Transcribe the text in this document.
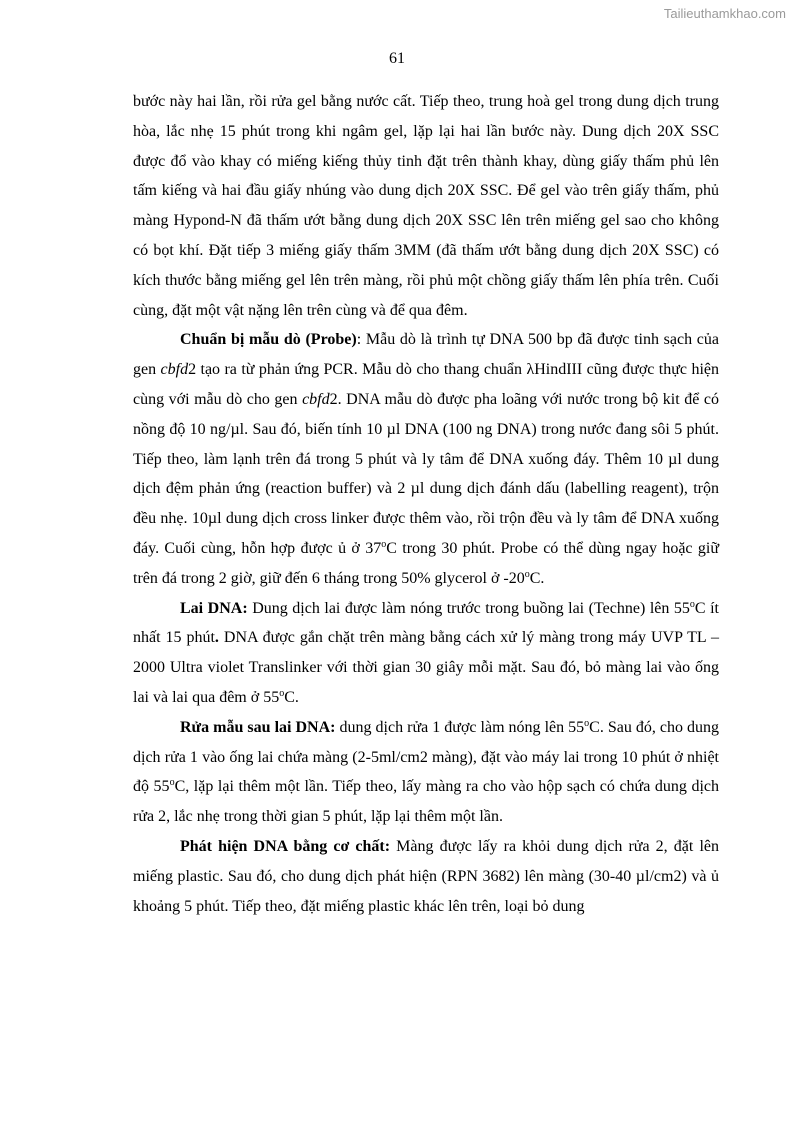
Tailieuthamkhao.com
61

bước này hai lần, rồi rửa gel bằng nước cất. Tiếp theo, trung hoà gel trong dung dịch trung hòa, lắc nhẹ 15 phút trong khi ngâm gel, lặp lại hai lần bước này. Dung dịch 20X SSC được đổ vào khay có miếng kiếng thủy tinh đặt trên thành khay, dùng giấy thấm phủ lên tấm kiếng và hai đầu giấy nhúng vào dung dịch 20X SSC. Để gel vào trên giấy thấm, phủ màng Hypond-N đã thấm ướt bằng dung dịch 20X SSC lên trên miếng gel sao cho không có bọt khí. Đặt tiếp 3 miếng giấy thấm 3MM (đã thấm ướt bằng dung dịch 20X SSC) có kích thước bằng miếng gel lên trên màng, rồi phủ một chồng giấy thấm lên phía trên. Cuối cùng, đặt một vật nặng lên trên cùng và để qua đêm.

Chuẩn bị mẫu dò (Probe): Mẫu dò là trình tự DNA 500 bp đã được tinh sạch của gen cbfd2 tạo ra từ phản ứng PCR. Mẫu dò cho thang chuẩn λHindIII cũng được thực hiện cùng với mẫu dò cho gen cbfd2. DNA mẫu dò được pha loãng với nước trong bộ kit để có nồng độ 10 ng/µl. Sau đó, biến tính 10 µl DNA (100 ng DNA) trong nước đang sôi 5 phút. Tiếp theo, làm lạnh trên đá trong 5 phút và ly tâm để DNA xuống đáy. Thêm 10 µl dung dịch đệm phản ứng (reaction buffer) và 2 µl dung dịch đánh dấu (labelling reagent), trộn đều nhẹ. 10µl dung dịch cross linker được thêm vào, rồi trộn đều và ly tâm để DNA xuống đáy. Cuối cùng, hỗn hợp được ủ ở 37$^o$C trong 30 phút. Probe có thể dùng ngay hoặc giữ trên đá trong 2 giờ, giữ đến 6 tháng trong 50% glycerol ở -20$^o$C.

Lai DNA: Dung dịch lai được làm nóng trước trong buồng lai (Techne) lên 55$^o$C ít nhất 15 phút. DNA được gắn chặt trên màng bằng cách xử lý màng trong máy UVP TL – 2000 Ultra violet Translinker với thời gian 30 giây mỗi mặt. Sau đó, bỏ màng lai vào ống lai và lai qua đêm ở 55$^o$C.

Rửa mẫu sau lai DNA: dung dịch rửa 1 được làm nóng lên 55$^o$C. Sau đó, cho dung dịch rửa 1 vào ống lai chứa màng (2-5ml/cm2 màng), đặt vào máy lai trong 10 phút ở nhiệt độ 55$^o$C, lặp lại thêm một lần. Tiếp theo, lấy màng ra cho vào hộp sạch có chứa dung dịch rửa 2, lắc nhẹ trong thời gian 5 phút, lặp lại thêm một lần.

Phát hiện DNA bằng cơ chất: Màng được lấy ra khỏi dung dịch rửa 2, đặt lên miếng plastic. Sau đó, cho dung dịch phát hiện (RPN 3682) lên màng (30-40 µl/cm2) và ủ khoảng 5 phút. Tiếp theo, đặt miếng plastic khác lên trên, loại bỏ dung
